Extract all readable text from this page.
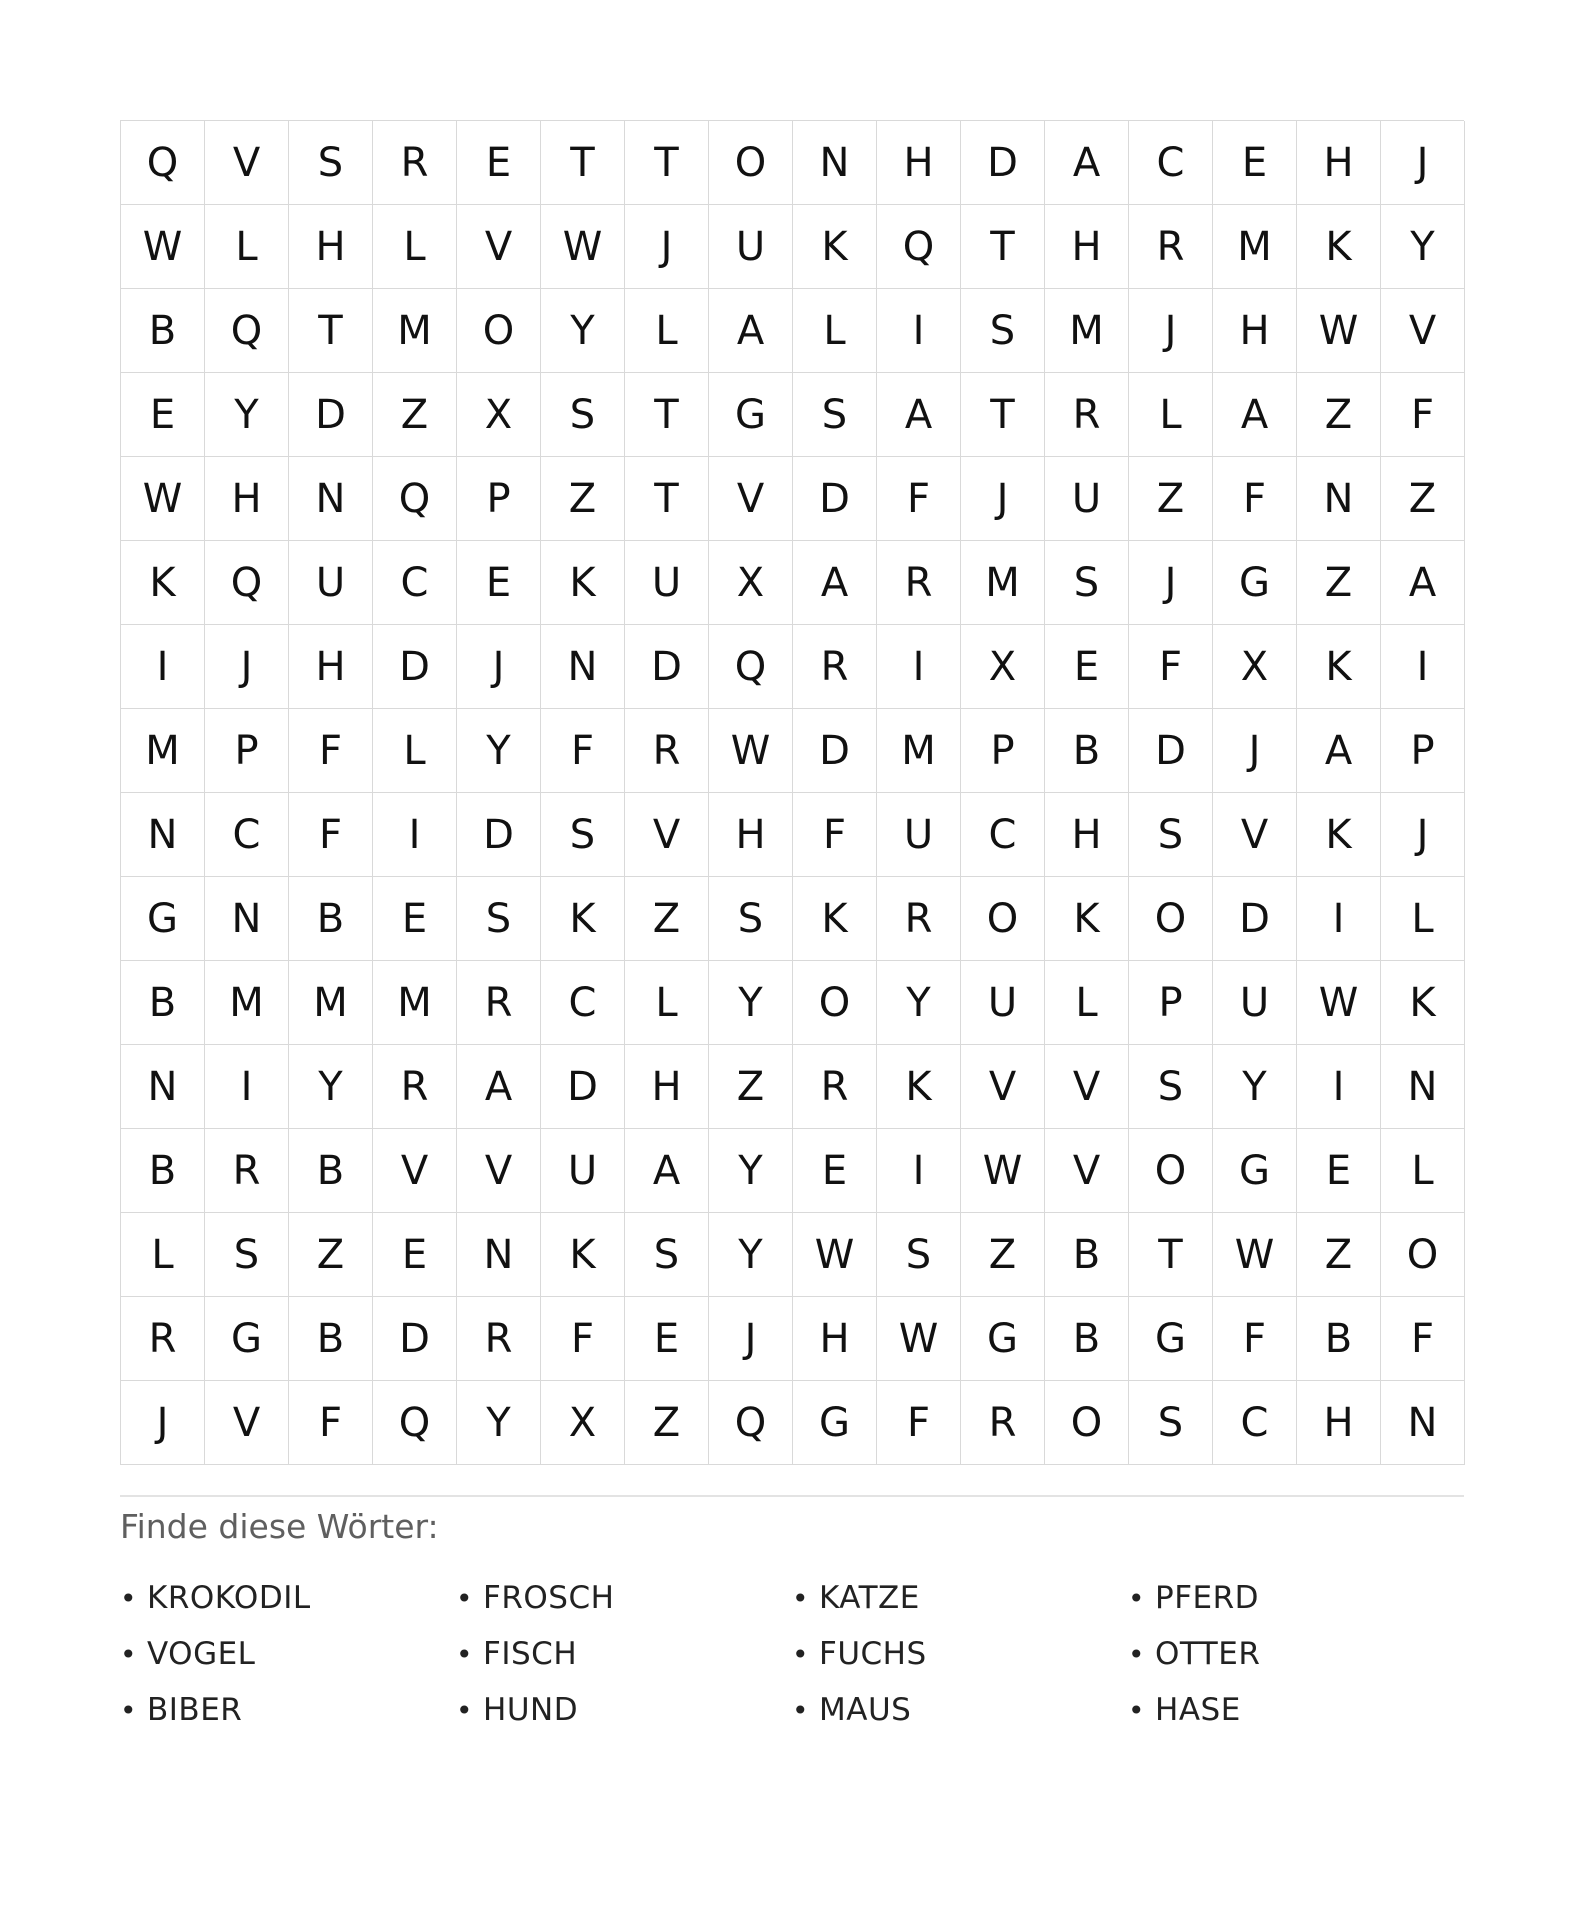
Q	V	S	R	E	T	T	O	N	H	D	A	C	E	H	J
W	L	H	L	V	W	J	U	K	Q	T	H	R	M	K	Y
B	Q	T	M	O	Y	L	A	L	I	S	M	J	H	W	V
E	Y	D	Z	X	S	T	G	S	A	T	R	L	A	Z	F
W	H	N	Q	P	Z	T	V	D	F	J	U	Z	F	N	Z
K	Q	U	C	E	K	U	X	A	R	M	S	J	G	Z	A
I	J	H	D	J	N	D	Q	R	I	X	E	F	X	K	I
M	P	F	L	Y	F	R	W	D	M	P	B	D	J	A	P
N	C	F	I	D	S	V	H	F	U	C	H	S	V	K	J
G	N	B	E	S	K	Z	S	K	R	O	K	O	D	I	L
B	M	M	M	R	C	L	Y	O	Y	U	L	P	U	W	K
N	I	Y	R	A	D	H	Z	R	K	V	V	S	Y	I	N
B	R	B	V	V	U	A	Y	E	I	W	V	O	G	E	L
L	S	Z	E	N	K	S	Y	W	S	Z	B	T	W	Z	O
R	G	B	D	R	F	E	J	H	W	G	B	G	F	B	F
J	V	F	Q	Y	X	Z	Q	G	F	R	O	S	C	H	N
Finde diese Wörter:
• KROKODIL	• FROSCH	• KATZE	• PFERD
• VOGEL	• FISCH	• FUCHS	• OTTER
• BIBER	• HUND	• MAUS	• HASE
